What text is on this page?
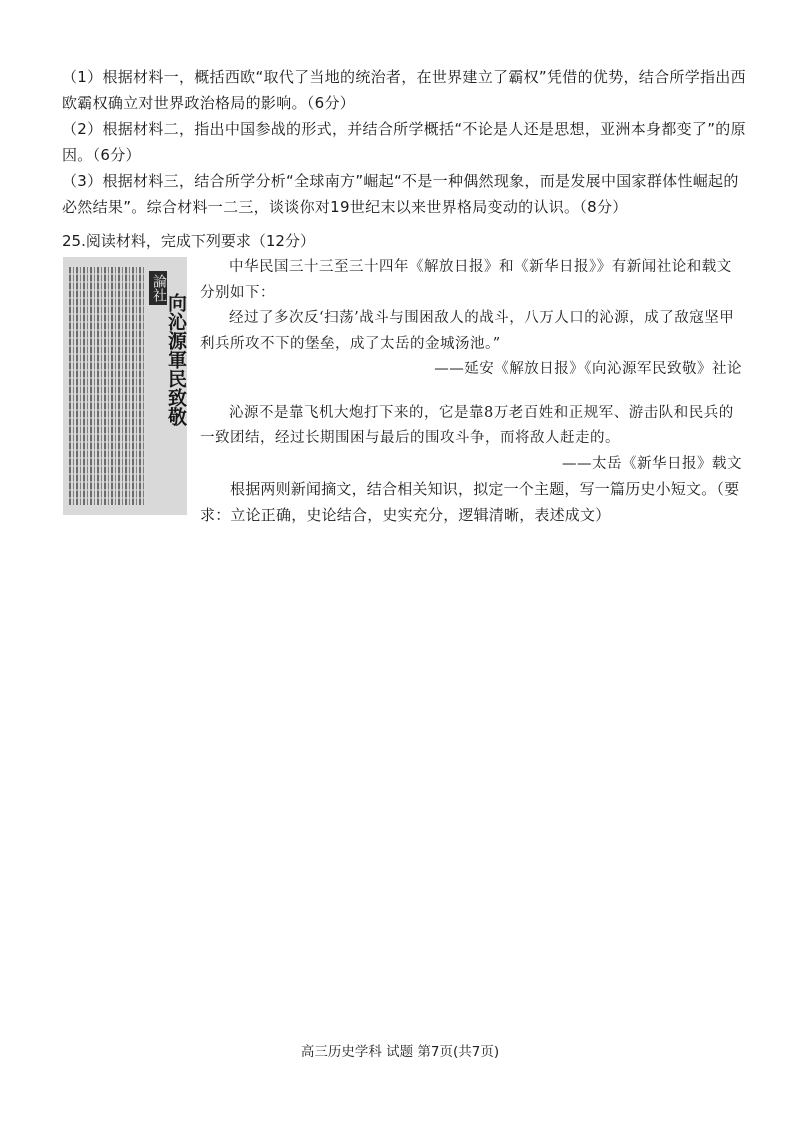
（1）根据材料一，概括西欧“取代了当地的统治者，在世界建立了霸权”凭借的优势，结合所学指出西欧霸权确立对世界政治格局的影响。（6分）

（2）根据材料二，指出中国参战的形式，并结合所学概括“不论是人还是思想，亚洲本身都变了”的原因。（6分）

（3）根据材料三，结合所学分析“全球南方”崛起“不是一种偶然现象，而是发展中国家群体性崛起的必然结果”。综合材料一二三，谈谈你对19世纪末以来世界格局变动的认识。（8分）

25.阅读材料，完成下列要求（12分）
論社
向沁源軍民致敬

中华民国三十三至三十四年《解放日报》和《新华日报》》有新闻社论和载文分别如下：

经过了多次反‘扫荡’战斗与围困敌人的战斗，八万人口的沁源，成了敌寇坚甲利兵所攻不下的堡垒，成了太岳的金城汤池。”

——延安《解放日报》《向沁源军民致敬》社论

沁源不是靠飞机大炮打下来的，它是靠8万老百姓和正规军、游击队和民兵的一致团结，经过长期围困与最后的围攻斗争，而将敌人赶走的。

——太岳《新华日报》载文

根据两则新闻摘文，结合相关知识，拟定一个主题，写一篇历史小短文。（要求：立论正确，史论结合，史实充分，逻辑清晰，表述成文）

高三历史学科 试题 第7页(共7页)
